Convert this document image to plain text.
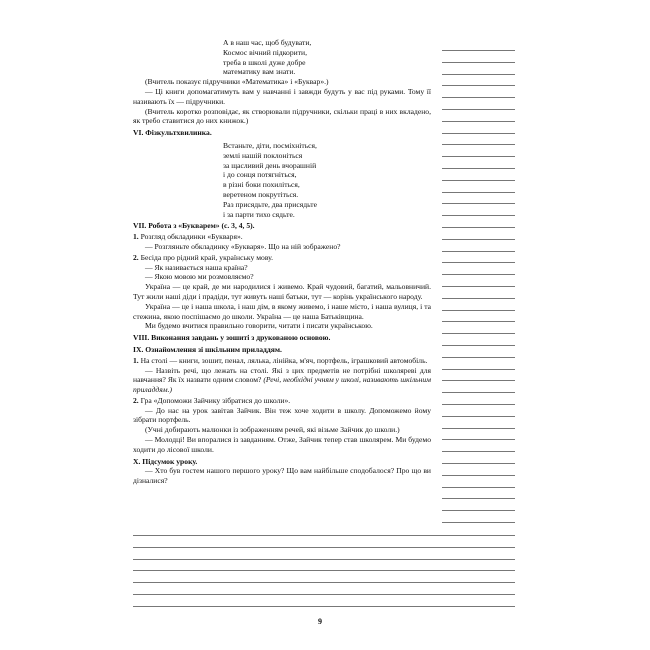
А в наш час, щоб будувати,
Космос вічний підкорити,
треба в школі дуже добре
математику вам знати.
(Вчитель показує підручники «Математика» і «Буквар».)
— Ці книги допомагатимуть вам у навчанні і завжди будуть у вас під руками. Тому її називають їх — підручники.
(Вчитель коротко розповідає, як створювали підручники, скільки праці в них вкладено, як требо ставитися до них книжок.)
VI. Фізкультхвилинка.
Встаньте, діти, посміхніться,
землі нашій поклоніться
за щасливий день вчорашній
і до сонця потягніться,
в різні боки похиліться,
веретеном покрутіться.
Раз присядьте, два присядьте
і за парти тихо сядьте.
VII. Робота з «Букварем» (с. 3, 4, 5).
1. Розгляд обкладинки «Букваря».
— Розгляньте обкладинку «Букваря». Що на ній зображено?
2. Бесіда про рідний край, українську мову.
— Як називається наша країна?
— Якою мовою ми розмовляємо?
Україна — це край, де ми народилися і живемо. Край чудовий, багатий, мальовничий. Тут жили наші діди і прадіди, тут живуть наші батьки, тут — корінь українського народу.
Україна — це і наша школа, і наш дім, в якому живемо, і наше місто, і наша вулиця, і та стежина, якою поспішаємо до школи. Україна — це наша Батьківщина.
Ми будемо вчитися правильно говорити, читати і писати українською.
VIII. Виконання завдань у зошиті з друкованою основою.
IX. Ознайомлення зі шкільним приладдям.
1. На столі — книги, зошит, пенал, лялька, лінійка, м'яч, портфель, іграшковий автомобіль.
— Назвіть речі, що лежать на столі. Які з цих предметів не потрібні школяреві для навчання? Як їх назвати одним словом? (Речі, необхідні учням у школі, називають шкільним приладдям.)
2. Гра «Допоможи Зайчику зібратися до школи».
— До нас на урок завітав Зайчик. Він теж хоче ходити в школу. Допоможемо йому зібрати портфель.
(Учні добирають малюнки із зображенням речей, які візьме Зайчик до школи.)
— Молодці! Ви впоралися із завданням. Отже, Зайчик тепер став школярем. Ми будемо ходити до лісової школи.
X. Підсумок уроку.
— Хто був гостем нашого першого уроку? Що вам найбільше сподобалося? Про що ви дізналися?
9
